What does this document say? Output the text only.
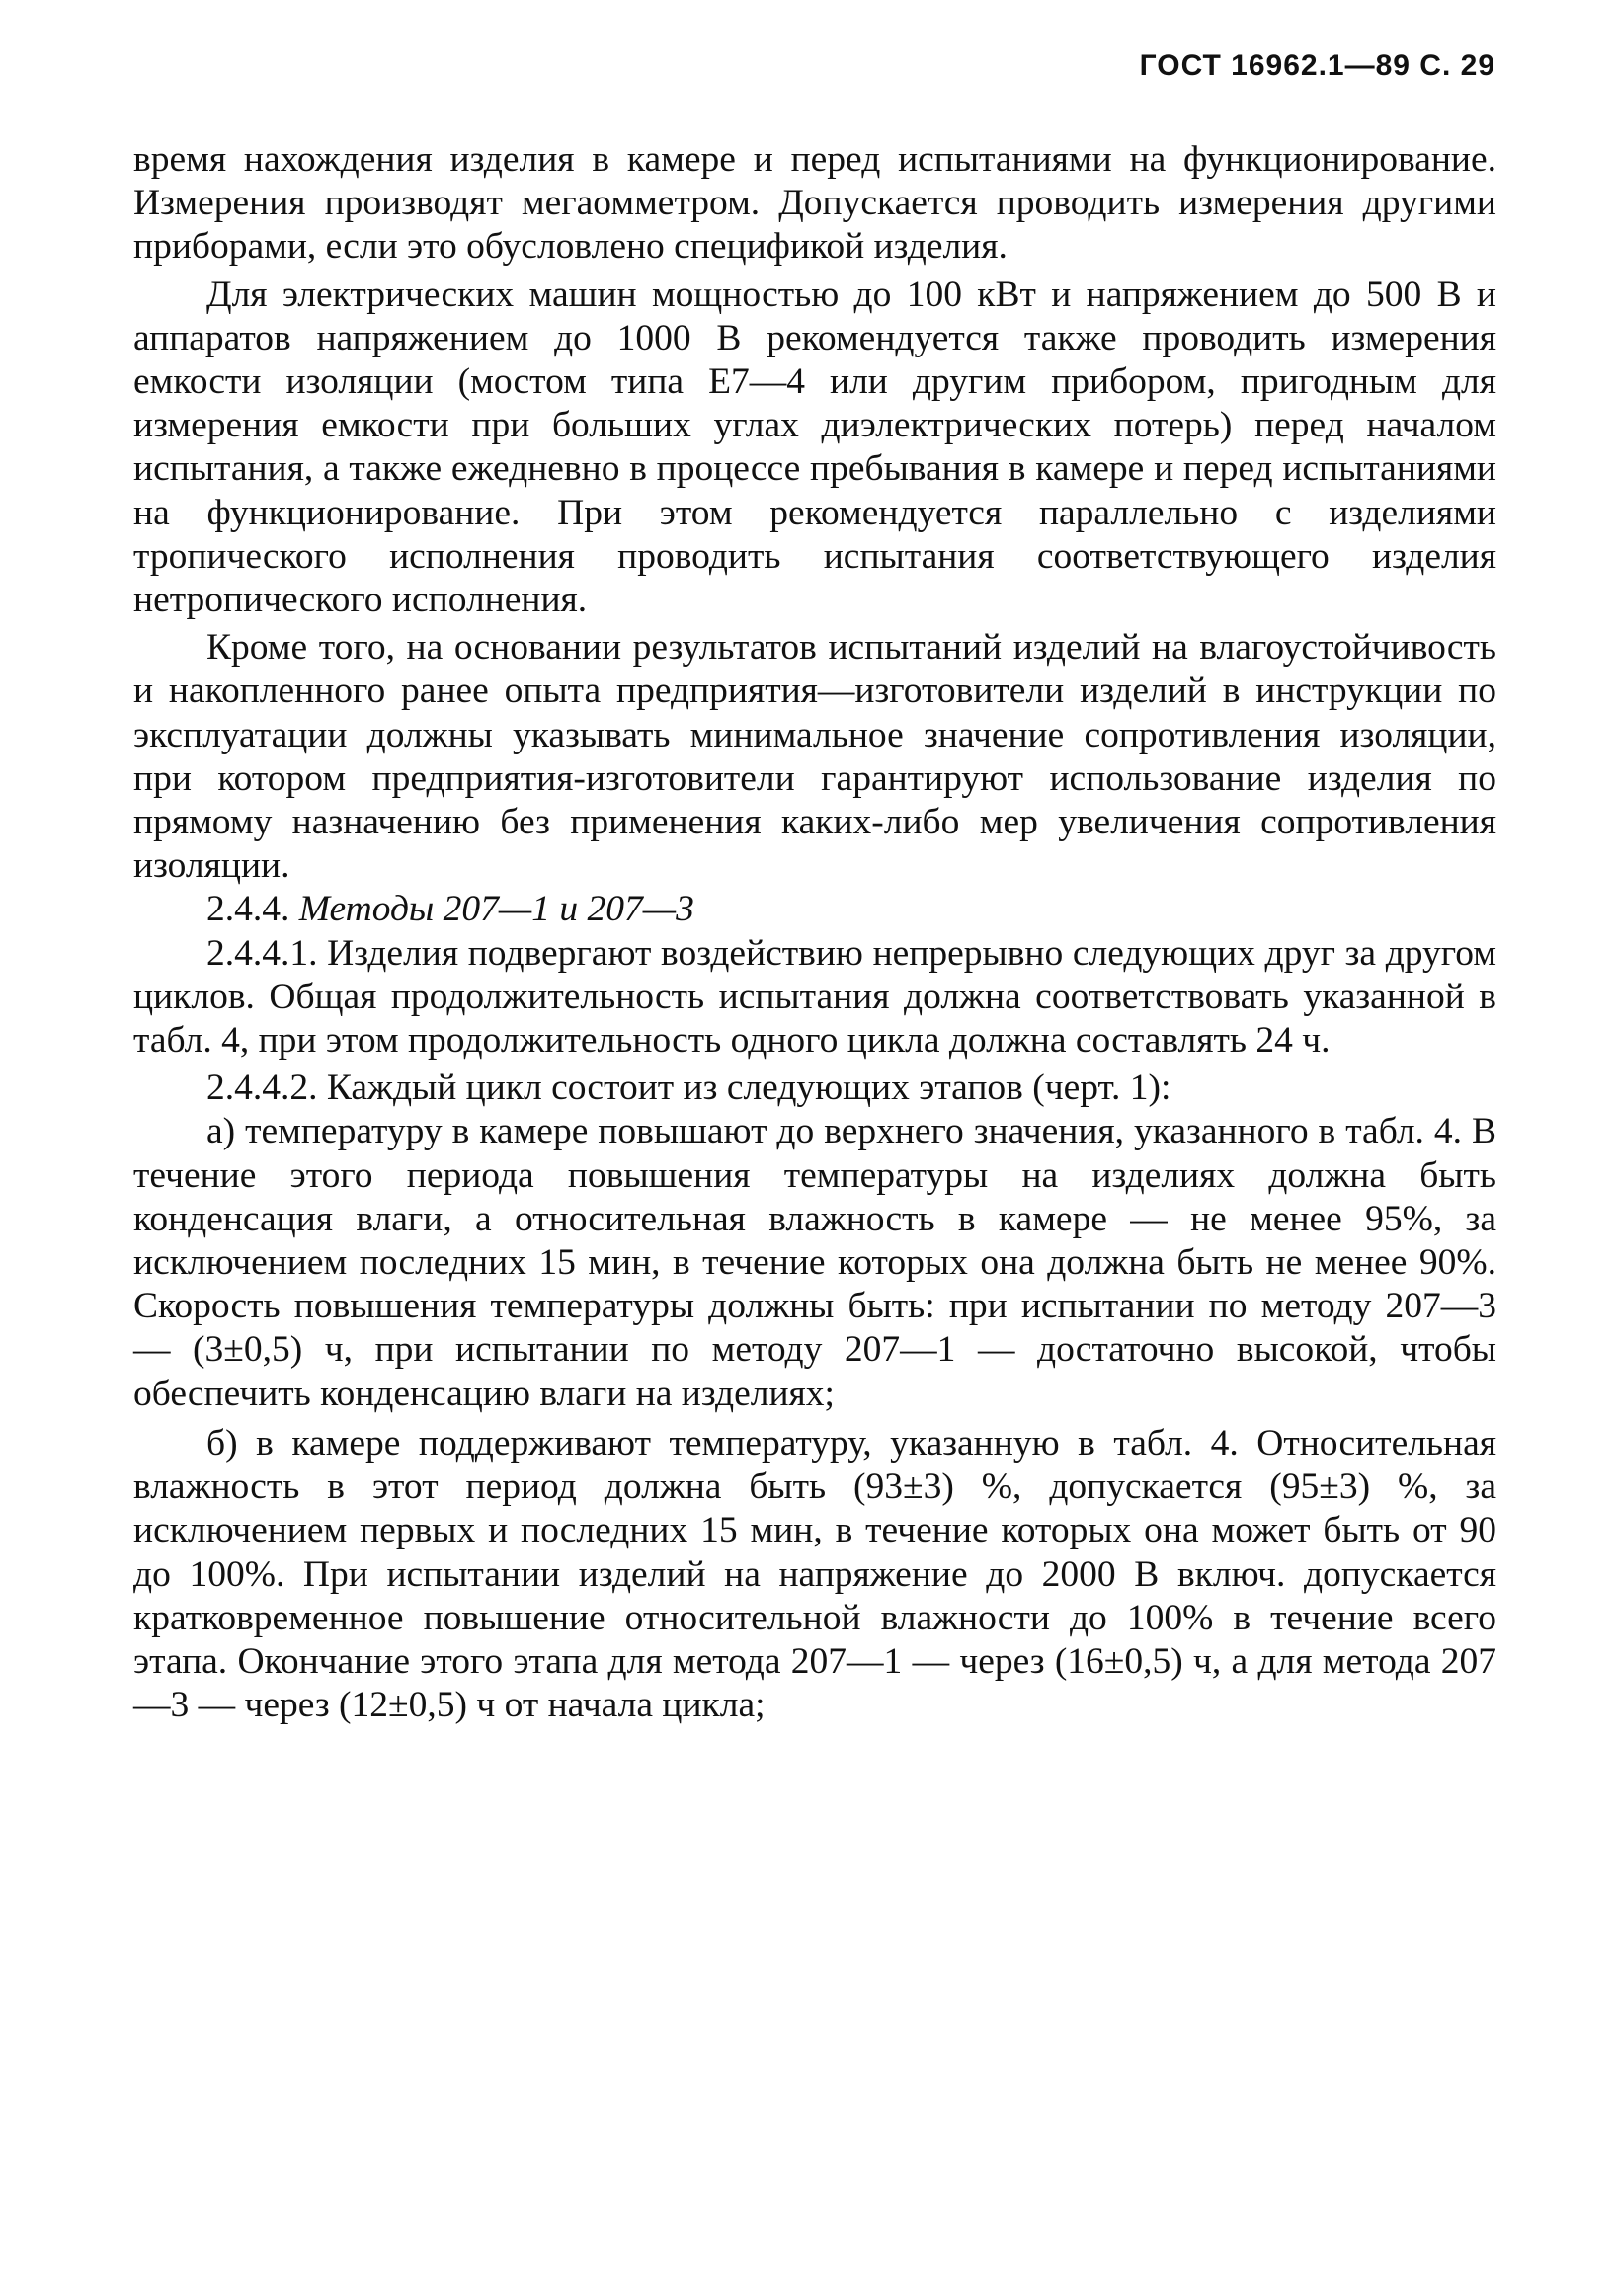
ГОСТ 16962.1—89 С. 29

время нахождения изделия в камере и перед испытаниями на функционирование. Измерения производят мегаомметром. Допускается проводить измерения другими приборами, если это обусловлено спецификой изделия.

Для электрических машин мощностью до 100 кВт и напряжением до 500 В и аппаратов напряжением до 1000 В рекомендуется также проводить измерения емкости изоляции (мостом типа Е7—4 или другим прибором, пригодным для измерения емкости при больших углах диэлектрических потерь) перед началом испытания, а также ежедневно в процессе пребывания в камере и перед испытаниями на функционирование. При этом рекомендуется параллельно с изделиями тропического исполнения проводить испытания соответствующего изделия нетропического исполнения.

Кроме того, на основании результатов испытаний изделий на влагоустойчивость и накопленного ранее опыта предприятия—изготовители изделий в инструкции по эксплуатации должны указывать минимальное значение сопротивления изоляции, при котором предприятия-изготовители гарантируют использование изделия по прямому назначению без применения каких-либо мер увеличения сопротивления изоляции.

2.4.4. Методы 207—1 и 207—3

2.4.4.1. Изделия подвергают воздействию непрерывно следующих друг за другом циклов. Общая продолжительность испытания должна соответствовать указанной в табл. 4, при этом продолжительность одного цикла должна составлять 24 ч.

2.4.4.2. Каждый цикл состоит из следующих этапов (черт. 1):

а) температуру в камере повышают до верхнего значения, указанного в табл. 4. В течение этого периода повышения температуры на изделиях должна быть конденсация влаги, а относительная влажность в камере — не менее 95%, за исключением последних 15 мин, в течение которых она должна быть не менее 90%. Скорость повышения температуры должны быть: при испытании по методу 207—3 — (3±0,5) ч, при испытании по методу 207—1 — достаточно высокой, чтобы обеспечить конденсацию влаги на изделиях;

б) в камере поддерживают температуру, указанную в табл. 4. Относительная влажность в этот период должна быть (93±3) %, допускается (95±3) %, за исключением первых и последних 15 мин, в течение которых она может быть от 90 до 100%. При испытании изделий на напряжение до 2000 В включ. допускается кратковременное повышение относительной влажности до 100% в течение всего этапа. Окончание этого этапа для метода 207—1 — через (16±0,5) ч, а для метода 207—3 — через (12±0,5) ч от начала цикла;
